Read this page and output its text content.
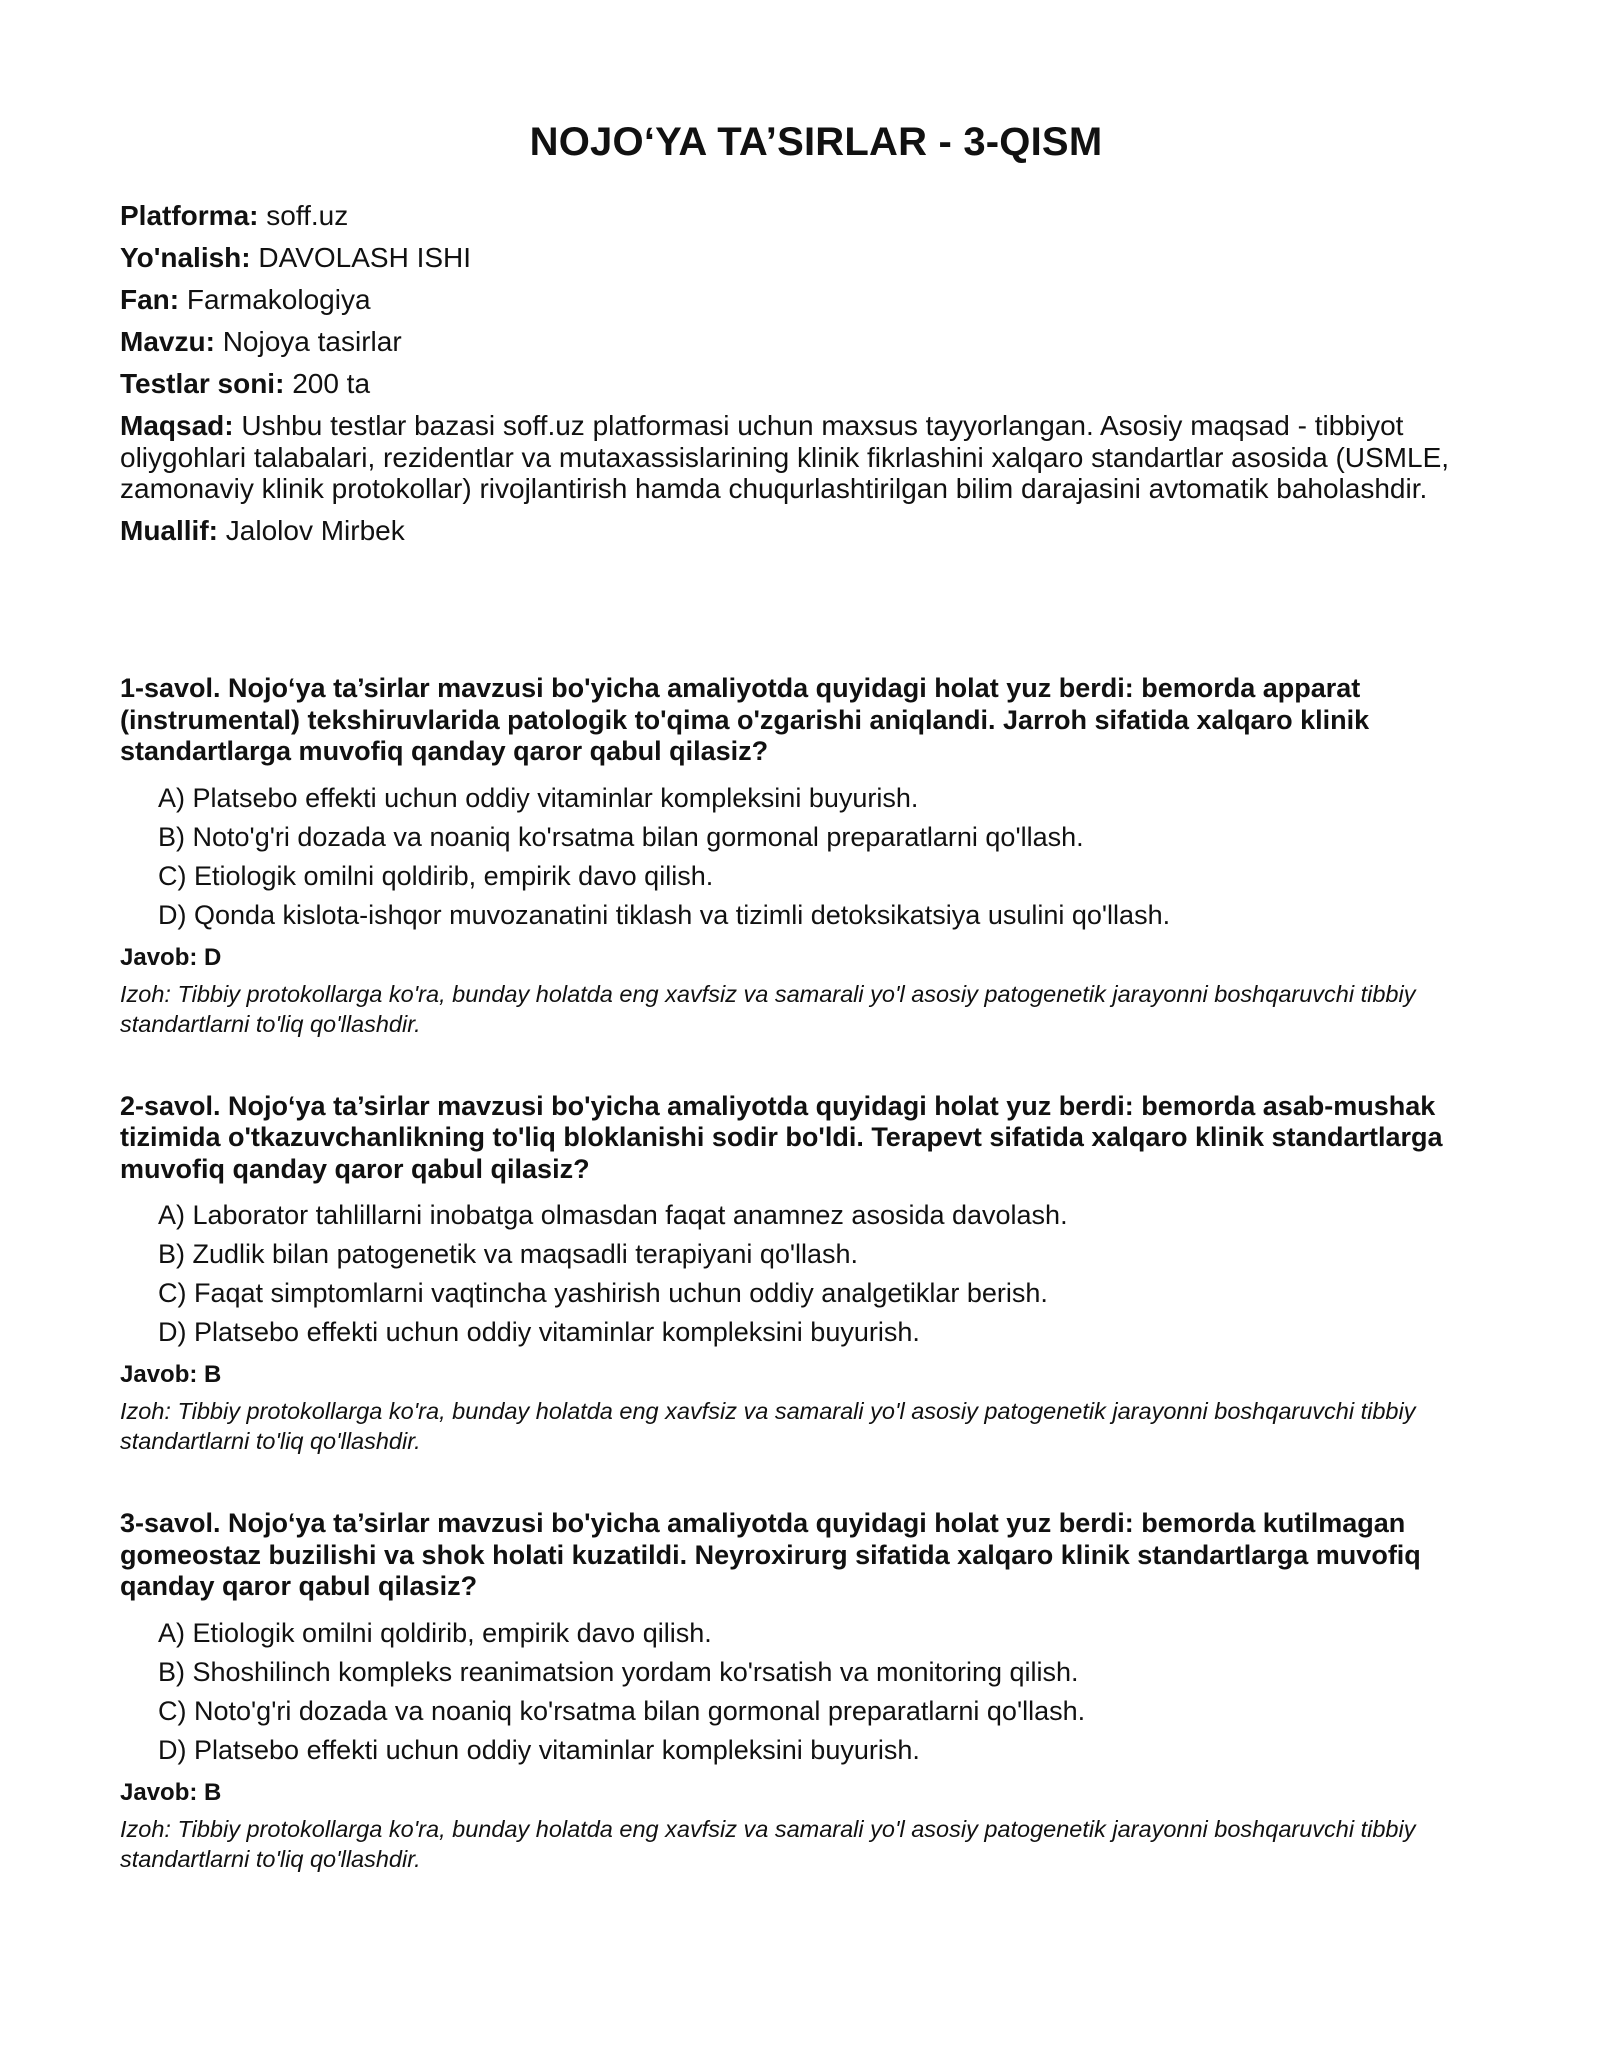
NOJO‘YA TA’SIRLAR - 3-QISM
Platforma: soff.uz
Yo'nalish: DAVOLASH ISHI
Fan: Farmakologiya
Mavzu: Nojoya tasirlar
Testlar soni: 200 ta
Maqsad: Ushbu testlar bazasi soff.uz platformasi uchun maxsus tayyorlangan. Asosiy maqsad - tibbiyot oliygohlari talabalari, rezidentlar va mutaxassislarining klinik fikrlashini xalqaro standartlar asosida (USMLE, zamonaviy klinik protokollar) rivojlantirish hamda chuqurlashtirilgan bilim darajasini avtomatik baholashdir.
Muallif: Jalolov Mirbek

1-savol. Nojo‘ya ta’sirlar mavzusi bo'yicha amaliyotda quyidagi holat yuz berdi: bemorda apparat (instrumental) tekshiruvlarida patologik to'qima o'zgarishi aniqlandi. Jarroh sifatida xalqaro klinik standartlarga muvofiq qanday qaror qabul qilasiz?

A) Platsebo effekti uchun oddiy vitaminlar kompleksini buyurish.
B) Noto'g'ri dozada va noaniq ko'rsatma bilan gormonal preparatlarni qo'llash.
C) Etiologik omilni qoldirib, empirik davo qilish.
D) Qonda kislota-ishqor muvozanatini tiklash va tizimli detoksikatsiya usulini qo'llash.

Javob: D

Izoh: Tibbiy protokollarga ko'ra, bunday holatda eng xavfsiz va samarali yo'l asosiy patogenetik jarayonni boshqaruvchi tibbiy standartlarni to'liq qo'llashdir.

2-savol. Nojo‘ya ta’sirlar mavzusi bo'yicha amaliyotda quyidagi holat yuz berdi: bemorda asab-mushak tizimida o'tkazuvchanlikning to'liq bloklanishi sodir bo'ldi. Terapevt sifatida xalqaro klinik standartlarga muvofiq qanday qaror qabul qilasiz?

A) Laborator tahlillarni inobatga olmasdan faqat anamnez asosida davolash.
B) Zudlik bilan patogenetik va maqsadli terapiyani qo'llash.
C) Faqat simptomlarni vaqtincha yashirish uchun oddiy analgetiklar berish.
D) Platsebo effekti uchun oddiy vitaminlar kompleksini buyurish.

Javob: B

Izoh: Tibbiy protokollarga ko'ra, bunday holatda eng xavfsiz va samarali yo'l asosiy patogenetik jarayonni boshqaruvchi tibbiy standartlarni to'liq qo'llashdir.

3-savol. Nojo‘ya ta’sirlar mavzusi bo'yicha amaliyotda quyidagi holat yuz berdi: bemorda kutilmagan gomeostaz buzilishi va shok holati kuzatildi. Neyroxirurg sifatida xalqaro klinik standartlarga muvofiq qanday qaror qabul qilasiz?

A) Etiologik omilni qoldirib, empirik davo qilish.
B) Shoshilinch kompleks reanimatsion yordam ko'rsatish va monitoring qilish.
C) Noto'g'ri dozada va noaniq ko'rsatma bilan gormonal preparatlarni qo'llash.
D) Platsebo effekti uchun oddiy vitaminlar kompleksini buyurish.

Javob: B

Izoh: Tibbiy protokollarga ko'ra, bunday holatda eng xavfsiz va samarali yo'l asosiy patogenetik jarayonni boshqaruvchi tibbiy standartlarni to'liq qo'llashdir.
